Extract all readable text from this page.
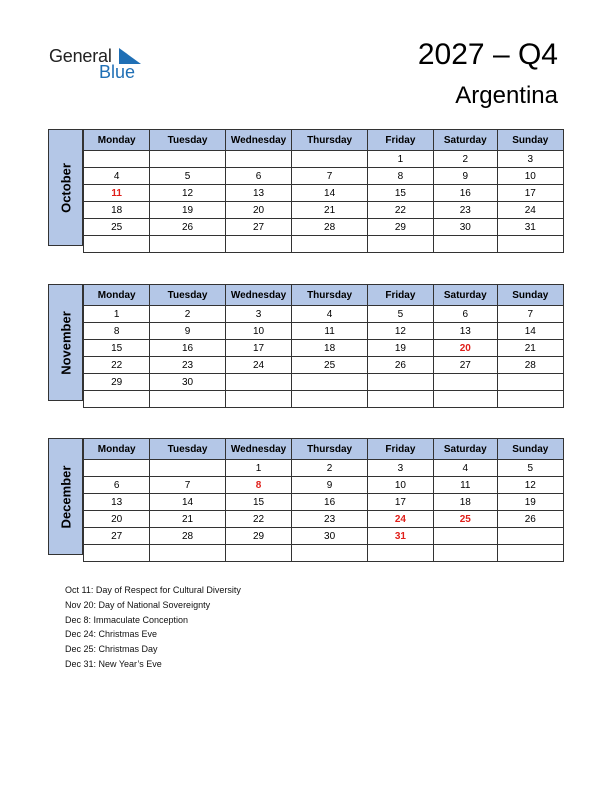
General
Blue
2027 – Q4
Argentina
October
Monday	Tuesday	Wednesday	Thursday	Friday	Saturday	Sunday
				1	2	3
4	5	6	7	8	9	10
11	12	13	14	15	16	17
18	19	20	21	22	23	24
25	26	27	28	29	30	31

November
Monday	Tuesday	Wednesday	Thursday	Friday	Saturday	Sunday
1	2	3	4	5	6	7
8	9	10	11	12	13	14
15	16	17	18	19	20	21
22	23	24	25	26	27	28
29	30					

December
Monday	Tuesday	Wednesday	Thursday	Friday	Saturday	Sunday
		1	2	3	4	5
6	7	8	9	10	11	12
13	14	15	16	17	18	19
20	21	22	23	24	25	26
27	28	29	30	31		

Oct 11: Day of Respect for Cultural Diversity
Nov 20: Day of National Sovereignty
Dec 8: Immaculate Conception
Dec 24: Christmas Eve
Dec 25: Christmas Day
Dec 31: New Year’s Eve
